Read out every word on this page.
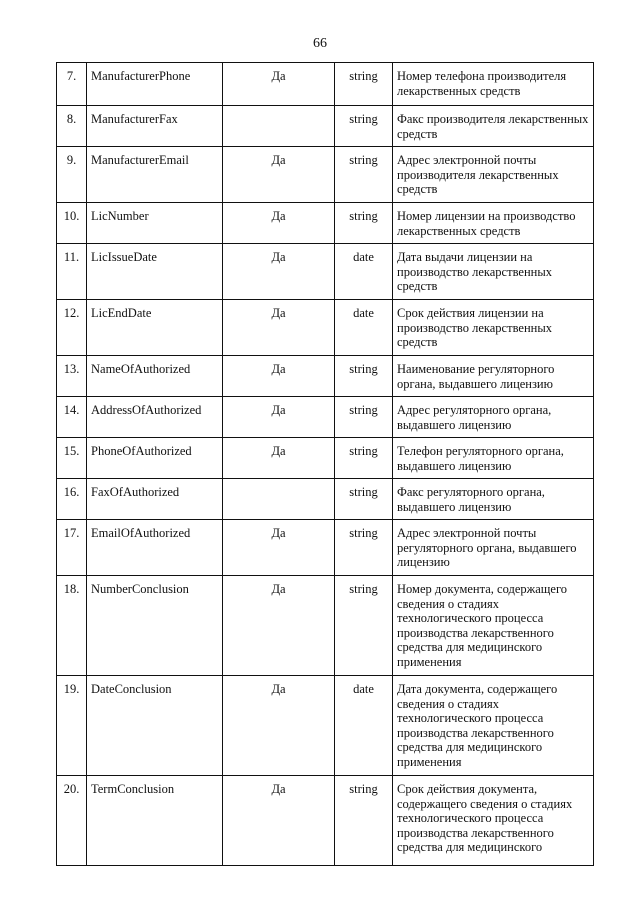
66
7.	ManufacturerPhone	Да	string	Номер телефона производителя лекарственных средств
8.	ManufacturerFax		string	Факс производителя лекарственных средств
9.	ManufacturerEmail	Да	string	Адрес электронной почты производителя лекарственных средств
10.	LicNumber	Да	string	Номер лицензии на производство лекарственных средств
11.	LicIssueDate	Да	date	Дата выдачи лицензии на производство лекарственных средств
12.	LicEndDate	Да	date	Срок действия лицензии на производство лекарственных средств
13.	NameOfAuthorized	Да	string	Наименование регуляторного органа, выдавшего лицензию
14.	AddressOfAuthorized	Да	string	Адрес регуляторного органа, выдавшего лицензию
15.	PhoneOfAuthorized	Да	string	Телефон регуляторного органа, выдавшего лицензию
16.	FaxOfAuthorized		string	Факс регуляторного органа, выдавшего лицензию
17.	EmailOfAuthorized	Да	string	Адрес электронной почты регуляторного органа, выдавшего лицензию
18.	NumberConclusion	Да	string	Номер документа, содержащего сведения о стадиях технологического процесса производства лекарственного средства для медицинского применения
19.	DateConclusion	Да	date	Дата документа, содержащего сведения о стадиях технологического процесса производства лекарственного средства для медицинского применения
20.	TermConclusion	Да	string	Срок действия документа, содержащего сведения о стадиях технологического процесса производства лекарственного средства для медицинского
